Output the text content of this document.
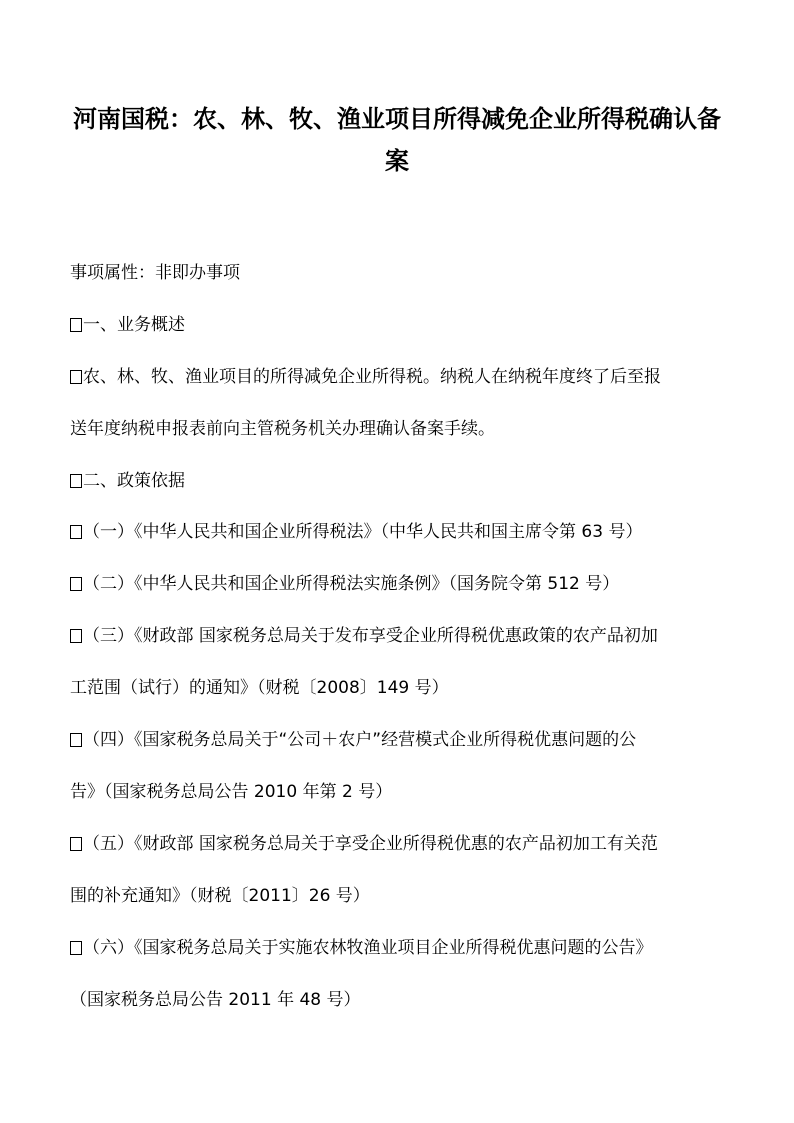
河南国税：农、林、牧、渔业项目所得减免企业所得税确认备
案

事项属性：非即办事项

一、业务概述

农、林、牧、渔业项目的所得减免企业所得税。纳税人在纳税年度终了后至报

送年度纳税申报表前向主管税务机关办理确认备案手续。

二、政策依据

（一）《中华人民共和国企业所得税法》（中华人民共和国主席令第 63 号）

（二）《中华人民共和国企业所得税法实施条例》（国务院令第 512 号）

（三）《财政部 国家税务总局关于发布享受企业所得税优惠政策的农产品初加

工范围（试行）的通知》（财税〔2008〕149 号）

（四）《国家税务总局关于“公司＋农户”经营模式企业所得税优惠问题的公

告》（国家税务总局公告 2010 年第 2 号）

（五）《财政部 国家税务总局关于享受企业所得税优惠的农产品初加工有关范

围的补充通知》（财税〔2011〕26 号）

（六）《国家税务总局关于实施农林牧渔业项目企业所得税优惠问题的公告》

（国家税务总局公告 2011 年 48 号）
